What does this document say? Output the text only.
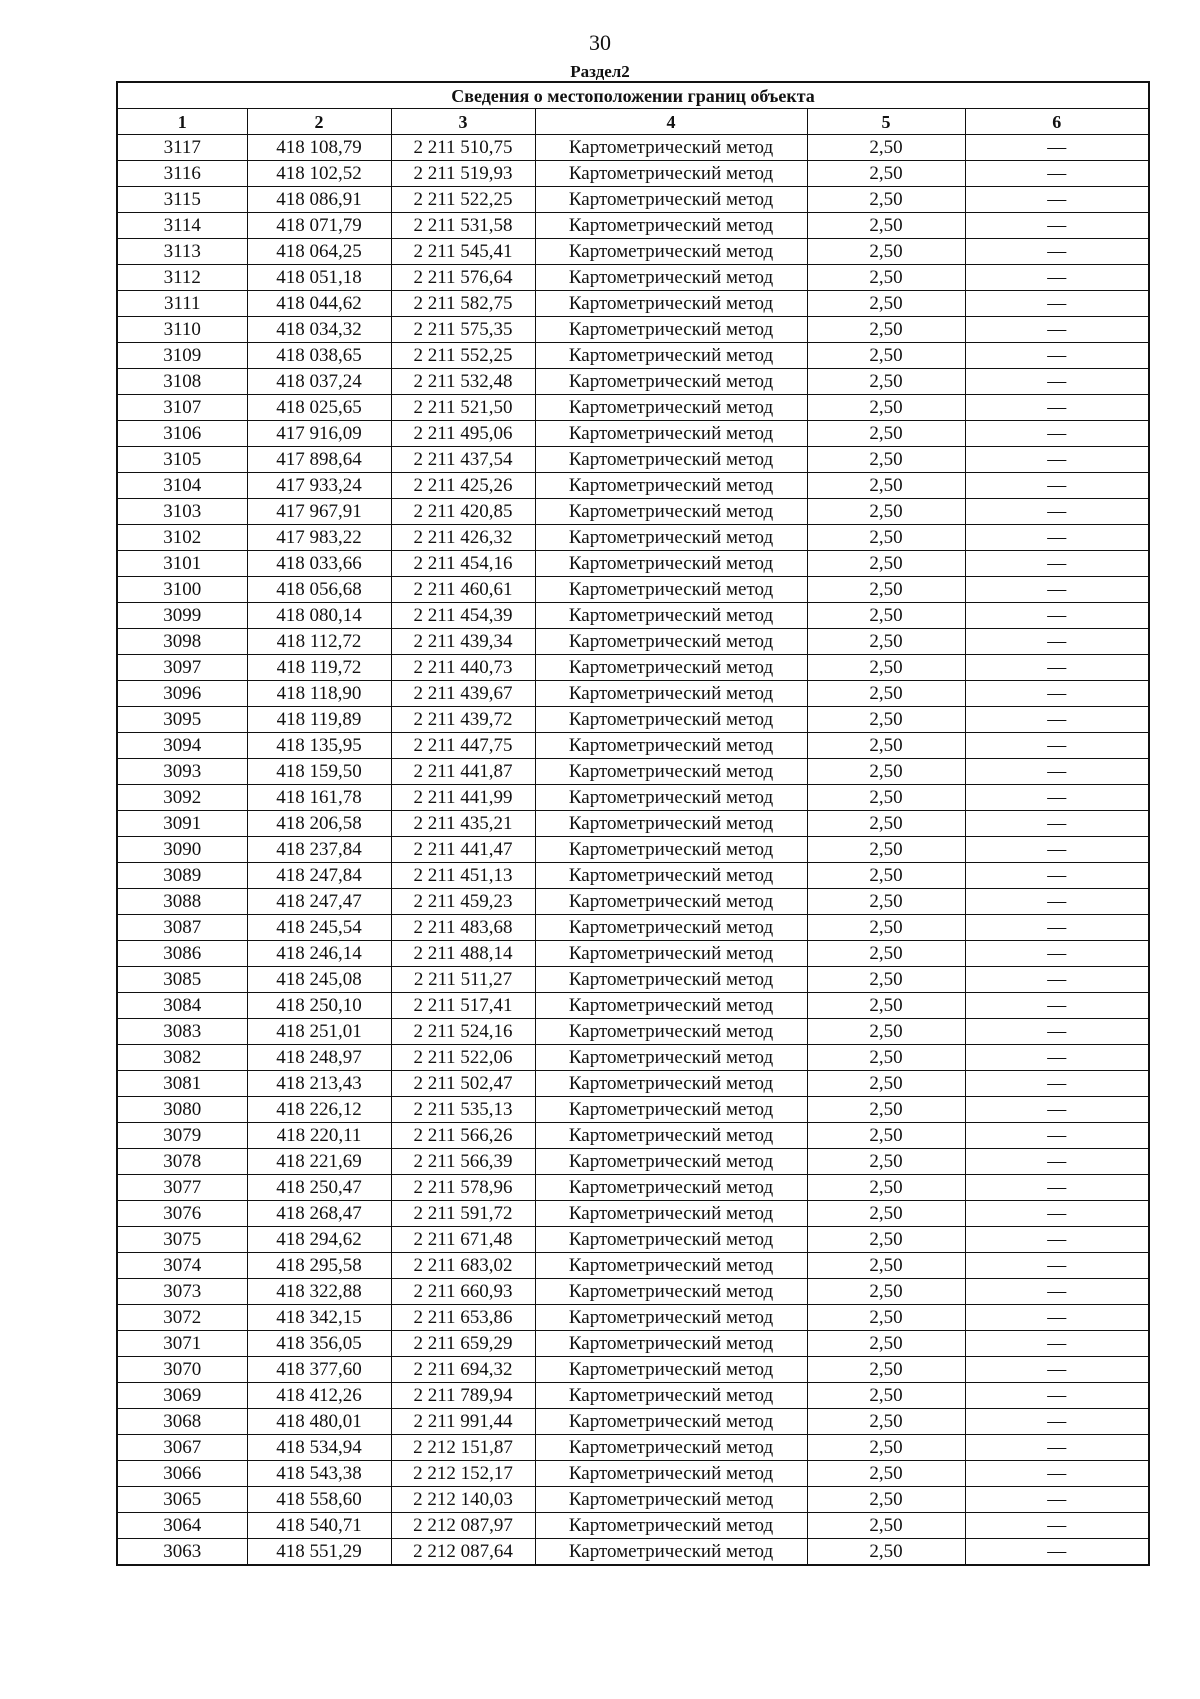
30
Раздел2
Сведения о местоположении границ объекта					
1	2	3	4	5	6
3117	418 108,79	2 211 510,75	Картометрический метод	2,50	—
3116	418 102,52	2 211 519,93	Картометрический метод	2,50	—
3115	418 086,91	2 211 522,25	Картометрический метод	2,50	—
3114	418 071,79	2 211 531,58	Картометрический метод	2,50	—
3113	418 064,25	2 211 545,41	Картометрический метод	2,50	—
3112	418 051,18	2 211 576,64	Картометрический метод	2,50	—
3111	418 044,62	2 211 582,75	Картометрический метод	2,50	—
3110	418 034,32	2 211 575,35	Картометрический метод	2,50	—
3109	418 038,65	2 211 552,25	Картометрический метод	2,50	—
3108	418 037,24	2 211 532,48	Картометрический метод	2,50	—
3107	418 025,65	2 211 521,50	Картометрический метод	2,50	—
3106	417 916,09	2 211 495,06	Картометрический метод	2,50	—
3105	417 898,64	2 211 437,54	Картометрический метод	2,50	—
3104	417 933,24	2 211 425,26	Картометрический метод	2,50	—
3103	417 967,91	2 211 420,85	Картометрический метод	2,50	—
3102	417 983,22	2 211 426,32	Картометрический метод	2,50	—
3101	418 033,66	2 211 454,16	Картометрический метод	2,50	—
3100	418 056,68	2 211 460,61	Картометрический метод	2,50	—
3099	418 080,14	2 211 454,39	Картометрический метод	2,50	—
3098	418 112,72	2 211 439,34	Картометрический метод	2,50	—
3097	418 119,72	2 211 440,73	Картометрический метод	2,50	—
3096	418 118,90	2 211 439,67	Картометрический метод	2,50	—
3095	418 119,89	2 211 439,72	Картометрический метод	2,50	—
3094	418 135,95	2 211 447,75	Картометрический метод	2,50	—
3093	418 159,50	2 211 441,87	Картометрический метод	2,50	—
3092	418 161,78	2 211 441,99	Картометрический метод	2,50	—
3091	418 206,58	2 211 435,21	Картометрический метод	2,50	—
3090	418 237,84	2 211 441,47	Картометрический метод	2,50	—
3089	418 247,84	2 211 451,13	Картометрический метод	2,50	—
3088	418 247,47	2 211 459,23	Картометрический метод	2,50	—
3087	418 245,54	2 211 483,68	Картометрический метод	2,50	—
3086	418 246,14	2 211 488,14	Картометрический метод	2,50	—
3085	418 245,08	2 211 511,27	Картометрический метод	2,50	—
3084	418 250,10	2 211 517,41	Картометрический метод	2,50	—
3083	418 251,01	2 211 524,16	Картометрический метод	2,50	—
3082	418 248,97	2 211 522,06	Картометрический метод	2,50	—
3081	418 213,43	2 211 502,47	Картометрический метод	2,50	—
3080	418 226,12	2 211 535,13	Картометрический метод	2,50	—
3079	418 220,11	2 211 566,26	Картометрический метод	2,50	—
3078	418 221,69	2 211 566,39	Картометрический метод	2,50	—
3077	418 250,47	2 211 578,96	Картометрический метод	2,50	—
3076	418 268,47	2 211 591,72	Картометрический метод	2,50	—
3075	418 294,62	2 211 671,48	Картометрический метод	2,50	—
3074	418 295,58	2 211 683,02	Картометрический метод	2,50	—
3073	418 322,88	2 211 660,93	Картометрический метод	2,50	—
3072	418 342,15	2 211 653,86	Картометрический метод	2,50	—
3071	418 356,05	2 211 659,29	Картометрический метод	2,50	—
3070	418 377,60	2 211 694,32	Картометрический метод	2,50	—
3069	418 412,26	2 211 789,94	Картометрический метод	2,50	—
3068	418 480,01	2 211 991,44	Картометрический метод	2,50	—
3067	418 534,94	2 212 151,87	Картометрический метод	2,50	—
3066	418 543,38	2 212 152,17	Картометрический метод	2,50	—
3065	418 558,60	2 212 140,03	Картометрический метод	2,50	—
3064	418 540,71	2 212 087,97	Картометрический метод	2,50	—
3063	418 551,29	2 212 087,64	Картометрический метод	2,50	—
